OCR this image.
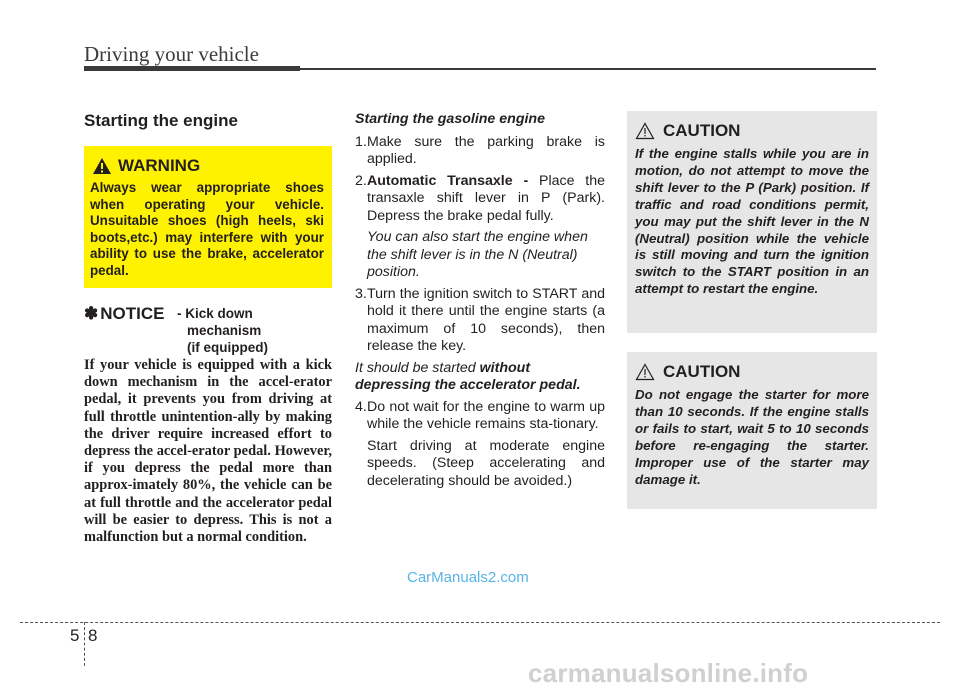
Driving your vehicle
Starting the engine
WARNING
Always wear appropriate shoes when operating your vehicle. Unsuitable shoes (high heels, ski boots,etc.) may interfere with your ability to use the brake, accelerator pedal.
✽ NOTICE - Kick down
mechanism
(if equipped)
If your vehicle is equipped with a kick down mechanism in the accel-erator pedal, it prevents you from driving at full throttle unintention-ally by making the driver require increased effort to depress the accel-erator pedal. However, if you depress the pedal more than approx-imately 80%, the vehicle can be at full throttle and the accelerator pedal will be easier to depress. This is not a malfunction but a normal condition.
Starting the gasoline engine
1. Make sure the parking brake is applied.
2. Automatic Transaxle - Place the transaxle shift lever in P (Park). Depress the brake pedal fully.
You can also start the engine when the shift lever is in the N (Neutral) position.
3. Turn the ignition switch to START and hold it there until the engine starts (a maximum of 10 seconds), then release the key.
It should be started without depressing the accelerator pedal.
4. Do not wait for the engine to warm up while the vehicle remains sta-tionary.
Start driving at moderate engine speeds. (Steep accelerating and decelerating should be avoided.)
CAUTION
If the engine stalls while you are in motion, do not attempt to move the shift lever to the P (Park) position. If traffic and road conditions permit, you may put the shift lever in the N (Neutral) position while the vehicle is still moving and turn the ignition switch to the START position in an attempt to restart the engine.
CAUTION
Do not engage the starter for more than 10 seconds. If the engine stalls or fails to start, wait 5 to 10 seconds before re-engaging the starter. Improper use of the starter may damage it.
CarManuals2.com
5 8
carmanualsonline.info
